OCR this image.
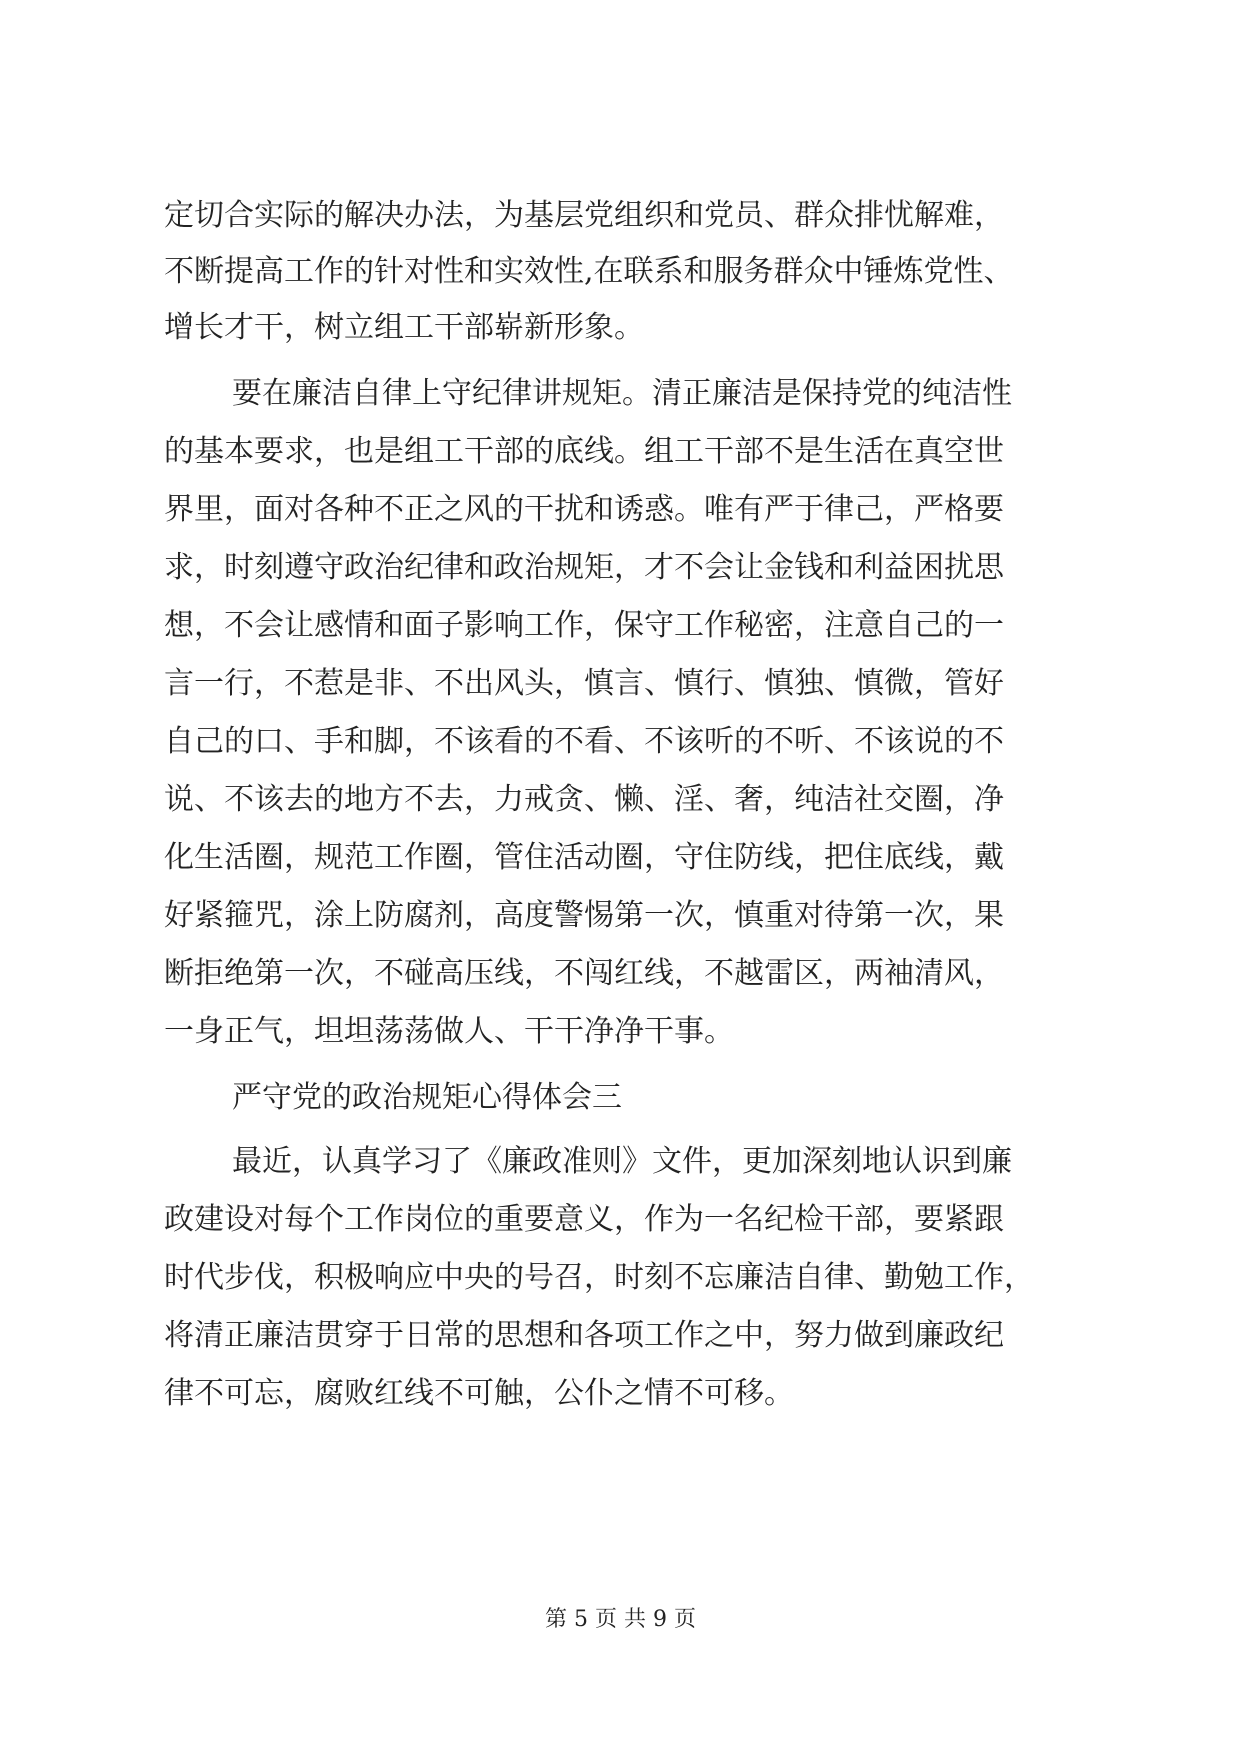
定切合实际的解决办法，为基层党组织和党员、群众排忧解难，
不断提高工作的针对性和实效性,在联系和服务群众中锤炼党性、
增长才干，树立组工干部崭新形象。
要在廉洁自律上守纪律讲规矩。清正廉洁是保持党的纯洁性
的基本要求，也是组工干部的底线。组工干部不是生活在真空世
界里，面对各种不正之风的干扰和诱惑。唯有严于律己，严格要
求，时刻遵守政治纪律和政治规矩，才不会让金钱和利益困扰思
想，不会让感情和面子影响工作，保守工作秘密，注意自己的一
言一行，不惹是非、不出风头，慎言、慎行、慎独、慎微，管好
自己的口、手和脚，不该看的不看、不该听的不听、不该说的不
说、不该去的地方不去，力戒贪、懒、淫、奢，纯洁社交圈，净
化生活圈，规范工作圈，管住活动圈，守住防线，把住底线，戴
好紧箍咒，涂上防腐剂，高度警惕第一次，慎重对待第一次，果
断拒绝第一次，不碰高压线，不闯红线，不越雷区，两袖清风，
一身正气，坦坦荡荡做人、干干净净干事。
严守党的政治规矩心得体会三
最近，认真学习了《廉政准则》文件，更加深刻地认识到廉
政建设对每个工作岗位的重要意义，作为一名纪检干部，要紧跟
时代步伐，积极响应中央的号召，时刻不忘廉洁自律、勤勉工作，
将清正廉洁贯穿于日常的思想和各项工作之中，努力做到廉政纪
律不可忘，腐败红线不可触，公仆之情不可移。
第 5 页 共 9 页
